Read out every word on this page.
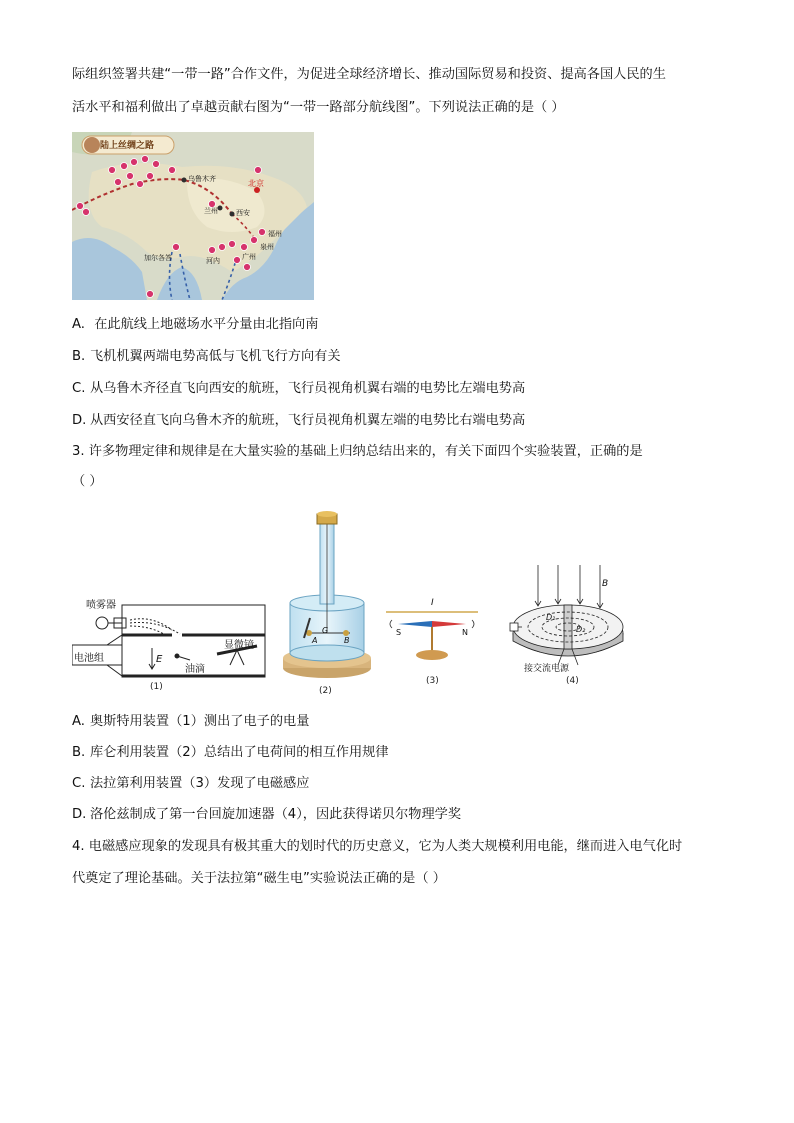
际组织签署共建“一带一路”合作文件，为促进全球经济增长、推动国际贸易和投资、提高各国人民的生
活水平和福利做出了卓越贡献右图为“一带一路部分航线图”。下列说法正确的是（ ）
陆上丝绸之路
北京
乌鲁木齐
西安
兰州
福州
泉州
广州
加尔各答	河内
A. 在此航线上地磁场水平分量由北指向南
B. 飞机机翼两端电势高低与飞机飞行方向有关
C. 从乌鲁木齐径直飞向西安的航班，飞行员视角机翼右端的电势比左端电势高
D. 从西安径直飞向乌鲁木齐的航班，飞行员视角机翼左端的电势比右端电势高
3. 许多物理定律和规律是在大量实验的基础上归纳总结出来的，有关下面四个实验装置，正确的是
（ ）
喷雾器
电池组
显微镜
油滴
E
(1)
A	B
G
(2)
I
S	N
(3)
B
D₁
D₂
接交流电源
(4)
A. 奥斯特用装置（1）测出了电子的电量
B. 库仑利用装置（2）总结出了电荷间的相互作用规律
C. 法拉第利用装置（3）发现了电磁感应
D. 洛伦兹制成了第一台回旋加速器（4），因此获得诺贝尔物理学奖
4. 电磁感应现象的发现具有极其重大的划时代的历史意义，它为人类大规模利用电能，继而进入电气化时
代奠定了理论基础。关于法拉第“磁生电”实验说法正确的是（ ）
